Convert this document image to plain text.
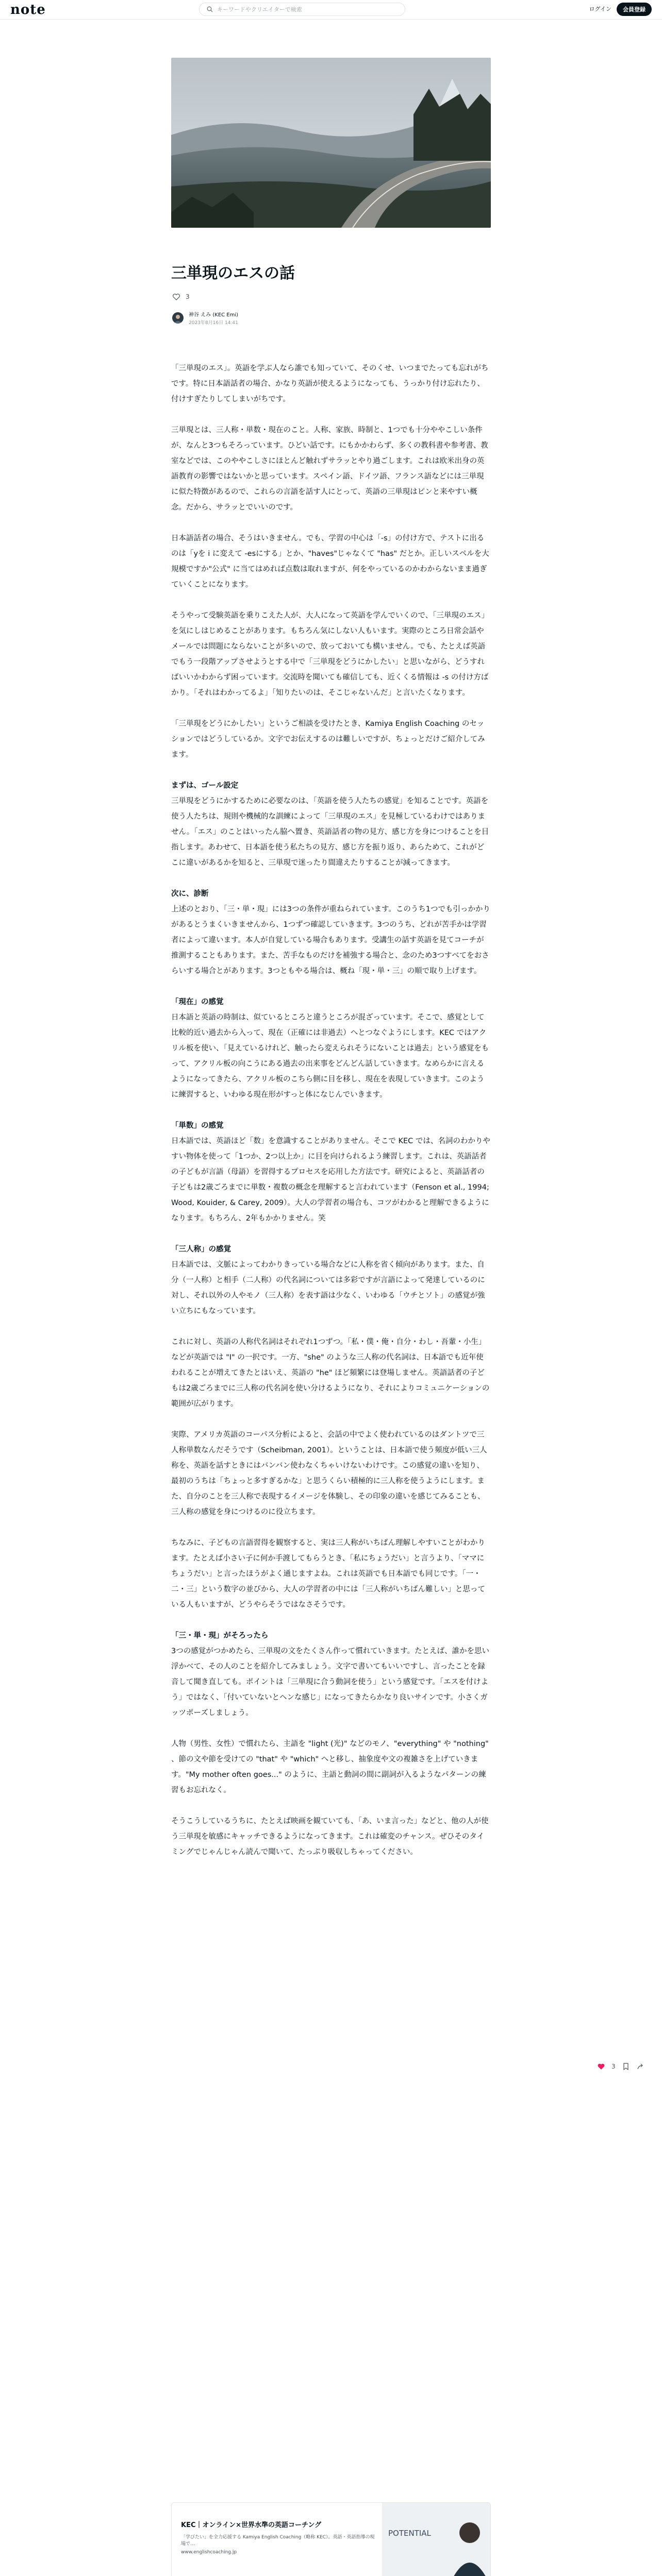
note
キーワードやクリエイターで検索	ログイン	会員登録
三単現のエスの話
3
神谷 えみ (KEC Emi)
2023年8月16日 14:41
「三単現のエス」。英語を学ぶ人なら誰でも知っていて、そのくせ、いつまでたっても忘れがちです。特に日本語話者の場合、かなり英語が使えるようになっても、うっかり付け忘れたり、付けすぎたりしてしまいがちです。
三単現とは、三人称・単数・現在のこと。人称、家族、時制と、1つでも十分ややこしい条件が、なんと3つもそろっています。ひどい話です。にもかかわらず、多くの教科書や参考書、教室などでは、このややこしさにほとんど触れずサラッとやり過ごします。これは欧米出身の英語教育の影響ではないかと思っています。スペイン語、ドイツ語、フランス語などには三単現に似た特徴があるので、これらの言語を話す人にとって、英語の三単現はピンと来やすい概念。だから、サラッとでいいのです。
日本語話者の場合、そうはいきません。でも、学習の中心は「-s」の付け方で、テストに出るのは「yを i に変えて -esにする」とか、"haves"じゃなくて "has" だとか。正しいスペルを大規模ですか"公式" に当てはめれば点数は取れますが、何をやっているのかわからないまま過ぎていくことになります。
そうやって受験英語を乗りこえた人が、大人になって英語を学んでいくので、「三単現のエス」を気にしはじめることがあります。もちろん気にしない人もいます。実際のところ日常会話やメールでは問題にならないことが多いので、放っておいても構いません。でも、たとえば英語でもう一段階アップさせようとする中で「三単現をどうにかしたい」と思いながら、どうすればいいかわからず困っています。交流時を聞いても確信しても、近くくる情報は -s の付け方ばかり。「それはわかってるよ」「知りたいのは、そこじゃないんだ」と言いたくなります。
「三単現をどうにかしたい」というご相談を受けたとき、Kamiya English Coaching のセッションではどうしているか。文字でお伝えするのは難しいですが、ちょっとだけご紹介してみます。
まずは、ゴール設定
三単現をどうにかするために必要なのは、「英語を使う人たちの感覚」を知ることです。英語を使う人たちは、規則や機械的な訓練によって「三単現のエス」を見極しているわけではありません。「エス」のことはいったん脇へ置き、英語話者の物の見方、感じ方を身につけることを目指します。あわせて、日本語を使う私たちの見方、感じ方を振り返り、あらためて、これがどこに違いがあるかを知ると、三単現で迷ったり間違えたりすることが減ってきます。
次に、診断
上述のとおり、「三・単・現」には3つの条件が重ねられています。このうち1つでも引っかかりがあるとうまくいきませんから、1つずつ確認していきます。3つのうち、どれが苦手かは学習者によって違います。本人が自覚している場合もあります。受講生の話す英語を見てコーチが推測することもあります。また、苦手なものだけを補強する場合と、念のため3つすべてをおさらいする場合とがあります。3つともやる場合は、概ね「現・単・三」の順で取り上げます。
「現在」の感覚
日本語と英語の時制は、似ているところと違うところが混ざっています。そこで、感覚として比較的近い過去から入って、現在（正確には非過去）へとつなぐようにします。KEC ではアクリル板を使い、「見えているけれど、触ったら変えられそうにないことは過去」という感覚をもって、アクリル板の向こうにある過去の出来事をどんどん話していきます。なめらかに言えるようになってきたら、アクリル板のこちら側に目を移し、現在を表現していきます。このように練習すると、いわゆる現在形がすっと体になじんでいきます。
「単数」の感覚
日本語では、英語ほど「数」を意識することがありません。そこで KEC では、名詞のわかりやすい物体を使って「1つか、2つ以上か」に目を向けられるよう練習します。これは、英語話者の子どもが言語（母語）を習得するプロセスを応用した方法です。研究によると、英語話者の子どもは2歳ごろまでに単数・複数の概念を理解すると言われています（Fenson et al., 1994; Wood, Kouider, & Carey, 2009）。大人の学習者の場合も、コツがわかると理解できるようになります。もちろん、2年もかかりません。笑
「三人称」の感覚
日本語では、文脈によってわかりきっている場合などに人称を省く傾向があります。また、自分（一人称）と相手（二人称）の代名詞については多彩ですが言語によって発達しているのに対し、それ以外の人やモノ（三人称）を表す語は少なく、いわゆる「ウチとソト」の感覚が強い立ちにもなっています。
これに対し、英語の人称代名詞はそれぞれ1つずつ。「私・僕・俺・自分・わし・吾輩・小生」などが英語では "I" の一択です。一方、"she" のような三人称の代名詞は、日本語でも近年使われることが増えてきたとはいえ、英語の "he" ほど頻繁には登場しません。英語話者の子どもは2歳ごろまでに三人称の代名詞を使い分けるようになり、それによりコミュニケーションの範囲が広がります。
実際、アメリカ英語のコーパス分析によると、会話の中でよく使われているのはダントツで三人称単数なんだそうです（Scheibman, 2001）。ということは、日本語で使う頻度が低い三人称を、英語を話すときにはバンバン使わなくちゃいけないわけです。この感覚の違いを知り、最初のうちは「ちょっと多すぎるかな」と思うくらい積極的に三人称を使うようにします。また、自分のことを三人称で表現するイメージを体験し、その印象の違いを感じてみることも、三人称の感覚を身につけるのに役立ちます。
ちなみに、子どもの言語習得を観察すると、実は三人称がいちばん理解しやすいことがわかります。たとえば小さい子に何か手渡してもらうとき、「私にちょうだい」と言うより、「ママにちょうだい」と言ったほうがよく通じますよね。これは英語でも日本語でも同じです。「一・二・三」という数字の並びから、大人の学習者の中には「三人称がいちばん難しい」と思っている人もいますが、どうやらそうではなさそうです。
「三・単・現」がそろったら
3つの感覚がつかめたら、三単現の文をたくさん作って慣れていきます。たとえば、誰かを思い浮かべて、その人のことを紹介してみましょう。文字で書いてもいいですし、言ったことを録音して聞き直しても。ポイントは「三単現に合う動詞を使う」という感覚です。「エスを付けよう」ではなく、「付いていないとヘンな感じ」になってきたらかなり良いサインです。小さくガッツポーズしましょう。
人物（男性、女性）で慣れたら、主語を "light (光)" などのモノ、"everything" や "nothing" 、節の文や節を受けての "that" や "which" へと移し、抽象度や文の複雑さを上げていきます。"My mother often goes..." のように、主語と動詞の間に副詞が入るようなパターンの練習もお忘れなく。
そうこうしているうちに、たとえば映画を観ていても、「あ、いま言った」などと、他の人が使う三単現を敏感にキャッチできるようになってきます。これは確変のチャンス。ぜひそのタイミングでじゃんじゃん読んで聞いて、たっぷり吸収しちゃってください。
3
KEC｜オンライン×世界水準の英語コーチング
「学びたい」を全力応援する Kamiya English Coaching（略称 KEC）。英語・英語指導の現場で…
www.englishcoaching.jp
POTENTIAL
